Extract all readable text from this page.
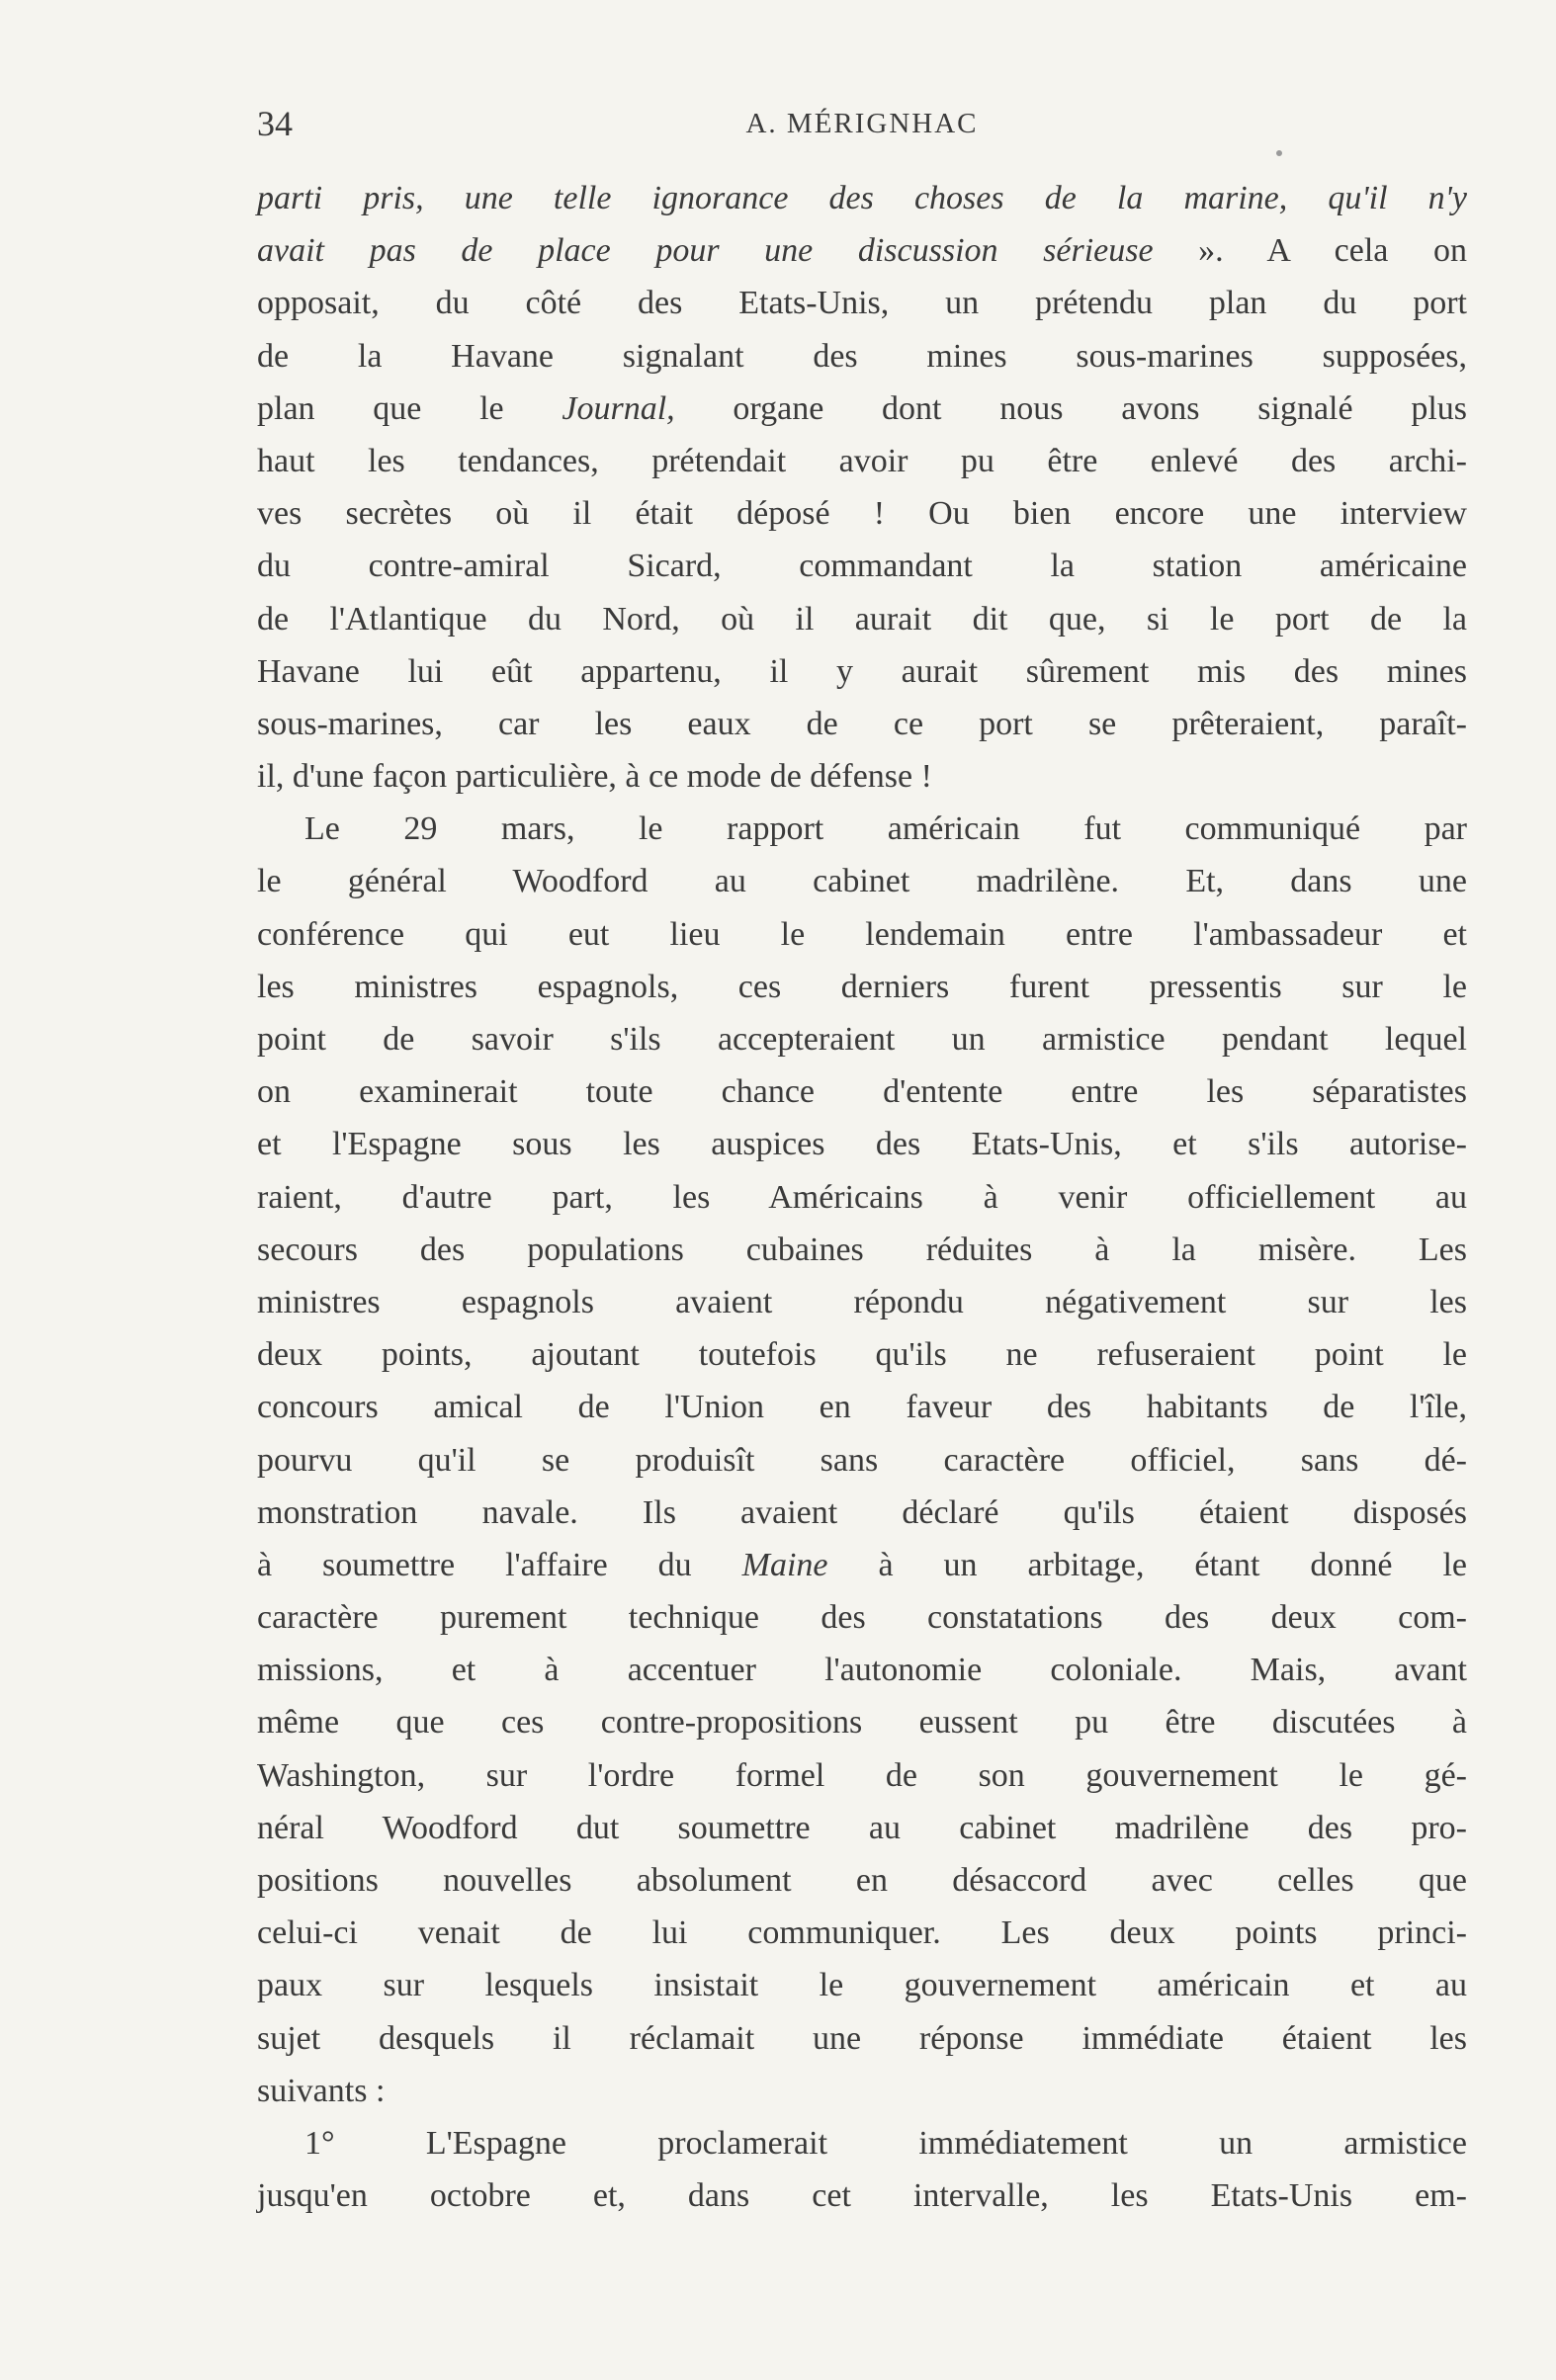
34	A. MÉRIGNHAC
parti pris, une telle ignorance des choses de la marine, qu'il n'y
avait pas de place pour une discussion sérieuse ». A cela on
opposait, du côté des Etats-Unis, un prétendu plan du port
de la Havane signalant des mines sous-marines supposées,
plan que le Journal, organe dont nous avons signalé plus
haut les tendances, prétendait avoir pu être enlevé des archi-
ves secrètes où il était déposé ! Ou bien encore une interview
du contre-amiral Sicard, commandant la station américaine
de l'Atlantique du Nord, où il aurait dit que, si le port de la
Havane lui eût appartenu, il y aurait sûrement mis des mines
sous-marines, car les eaux de ce port se prêteraient, paraît-
il, d'une façon particulière, à ce mode de défense !
Le 29 mars, le rapport américain fut communiqué par
le général Woodford au cabinet madrilène. Et, dans une
conférence qui eut lieu le lendemain entre l'ambassadeur et
les ministres espagnols, ces derniers furent pressentis sur le
point de savoir s'ils accepteraient un armistice pendant lequel
on examinerait toute chance d'entente entre les séparatistes
et l'Espagne sous les auspices des Etats-Unis, et s'ils autorise-
raient, d'autre part, les Américains à venir officiellement au
secours des populations cubaines réduites à la misère. Les
ministres espagnols avaient répondu négativement sur les
deux points, ajoutant toutefois qu'ils ne refuseraient point le
concours amical de l'Union en faveur des habitants de l'île,
pourvu qu'il se produisît sans caractère officiel, sans dé-
monstration navale. Ils avaient déclaré qu'ils étaient disposés
à soumettre l'affaire du Maine à un arbitage, étant donné le
caractère purement technique des constatations des deux com-
missions, et à accentuer l'autonomie coloniale. Mais, avant
même que ces contre-propositions eussent pu être discutées à
Washington, sur l'ordre formel de son gouvernement le gé-
néral Woodford dut soumettre au cabinet madrilène des pro-
positions nouvelles absolument en désaccord avec celles que
celui-ci venait de lui communiquer. Les deux points princi-
paux sur lesquels insistait le gouvernement américain et au
sujet desquels il réclamait une réponse immédiate étaient les
suivants :
1° L'Espagne proclamerait immédiatement un armistice
jusqu'en octobre et, dans cet intervalle, les Etats-Unis em-
